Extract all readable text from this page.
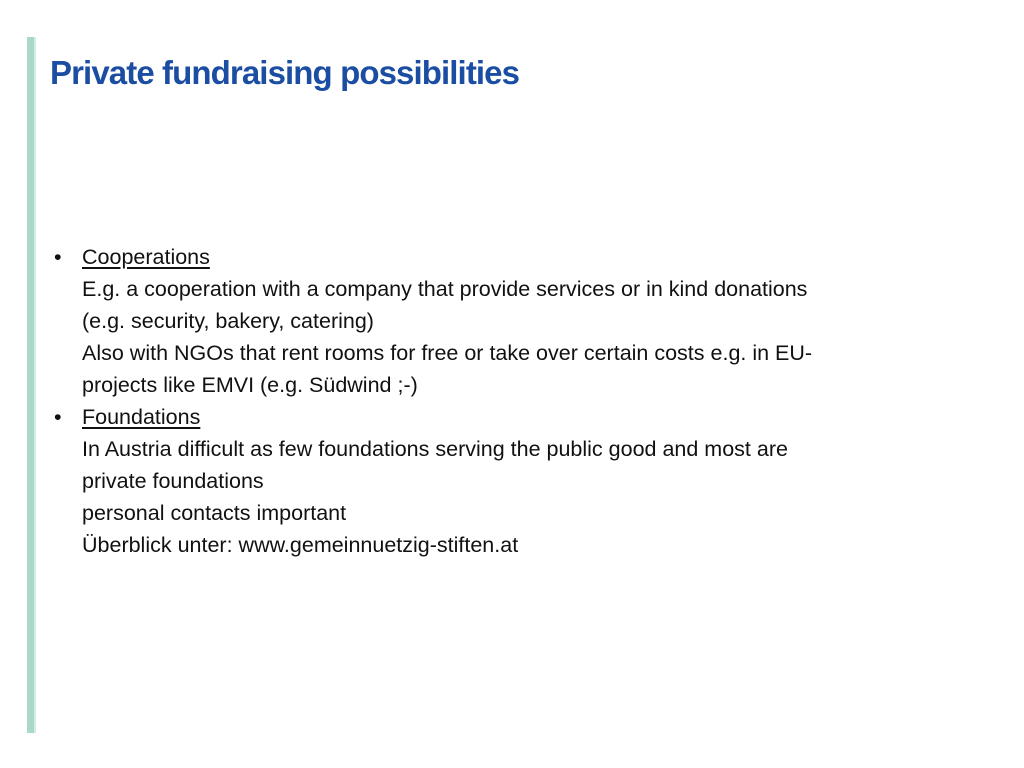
Private fundraising possibilities
• Cooperations
E.g. a cooperation with a company that provide services or in kind donations
(e.g. security, bakery, catering)
Also with NGOs that rent rooms for free or take over certain costs e.g. in EU-
projects like EMVI (e.g. Südwind ;-)
• Foundations
In Austria difficult as few foundations serving the public good and most are
private foundations
personal contacts important
Überblick unter: www.gemeinnuetzig-stiften.at
